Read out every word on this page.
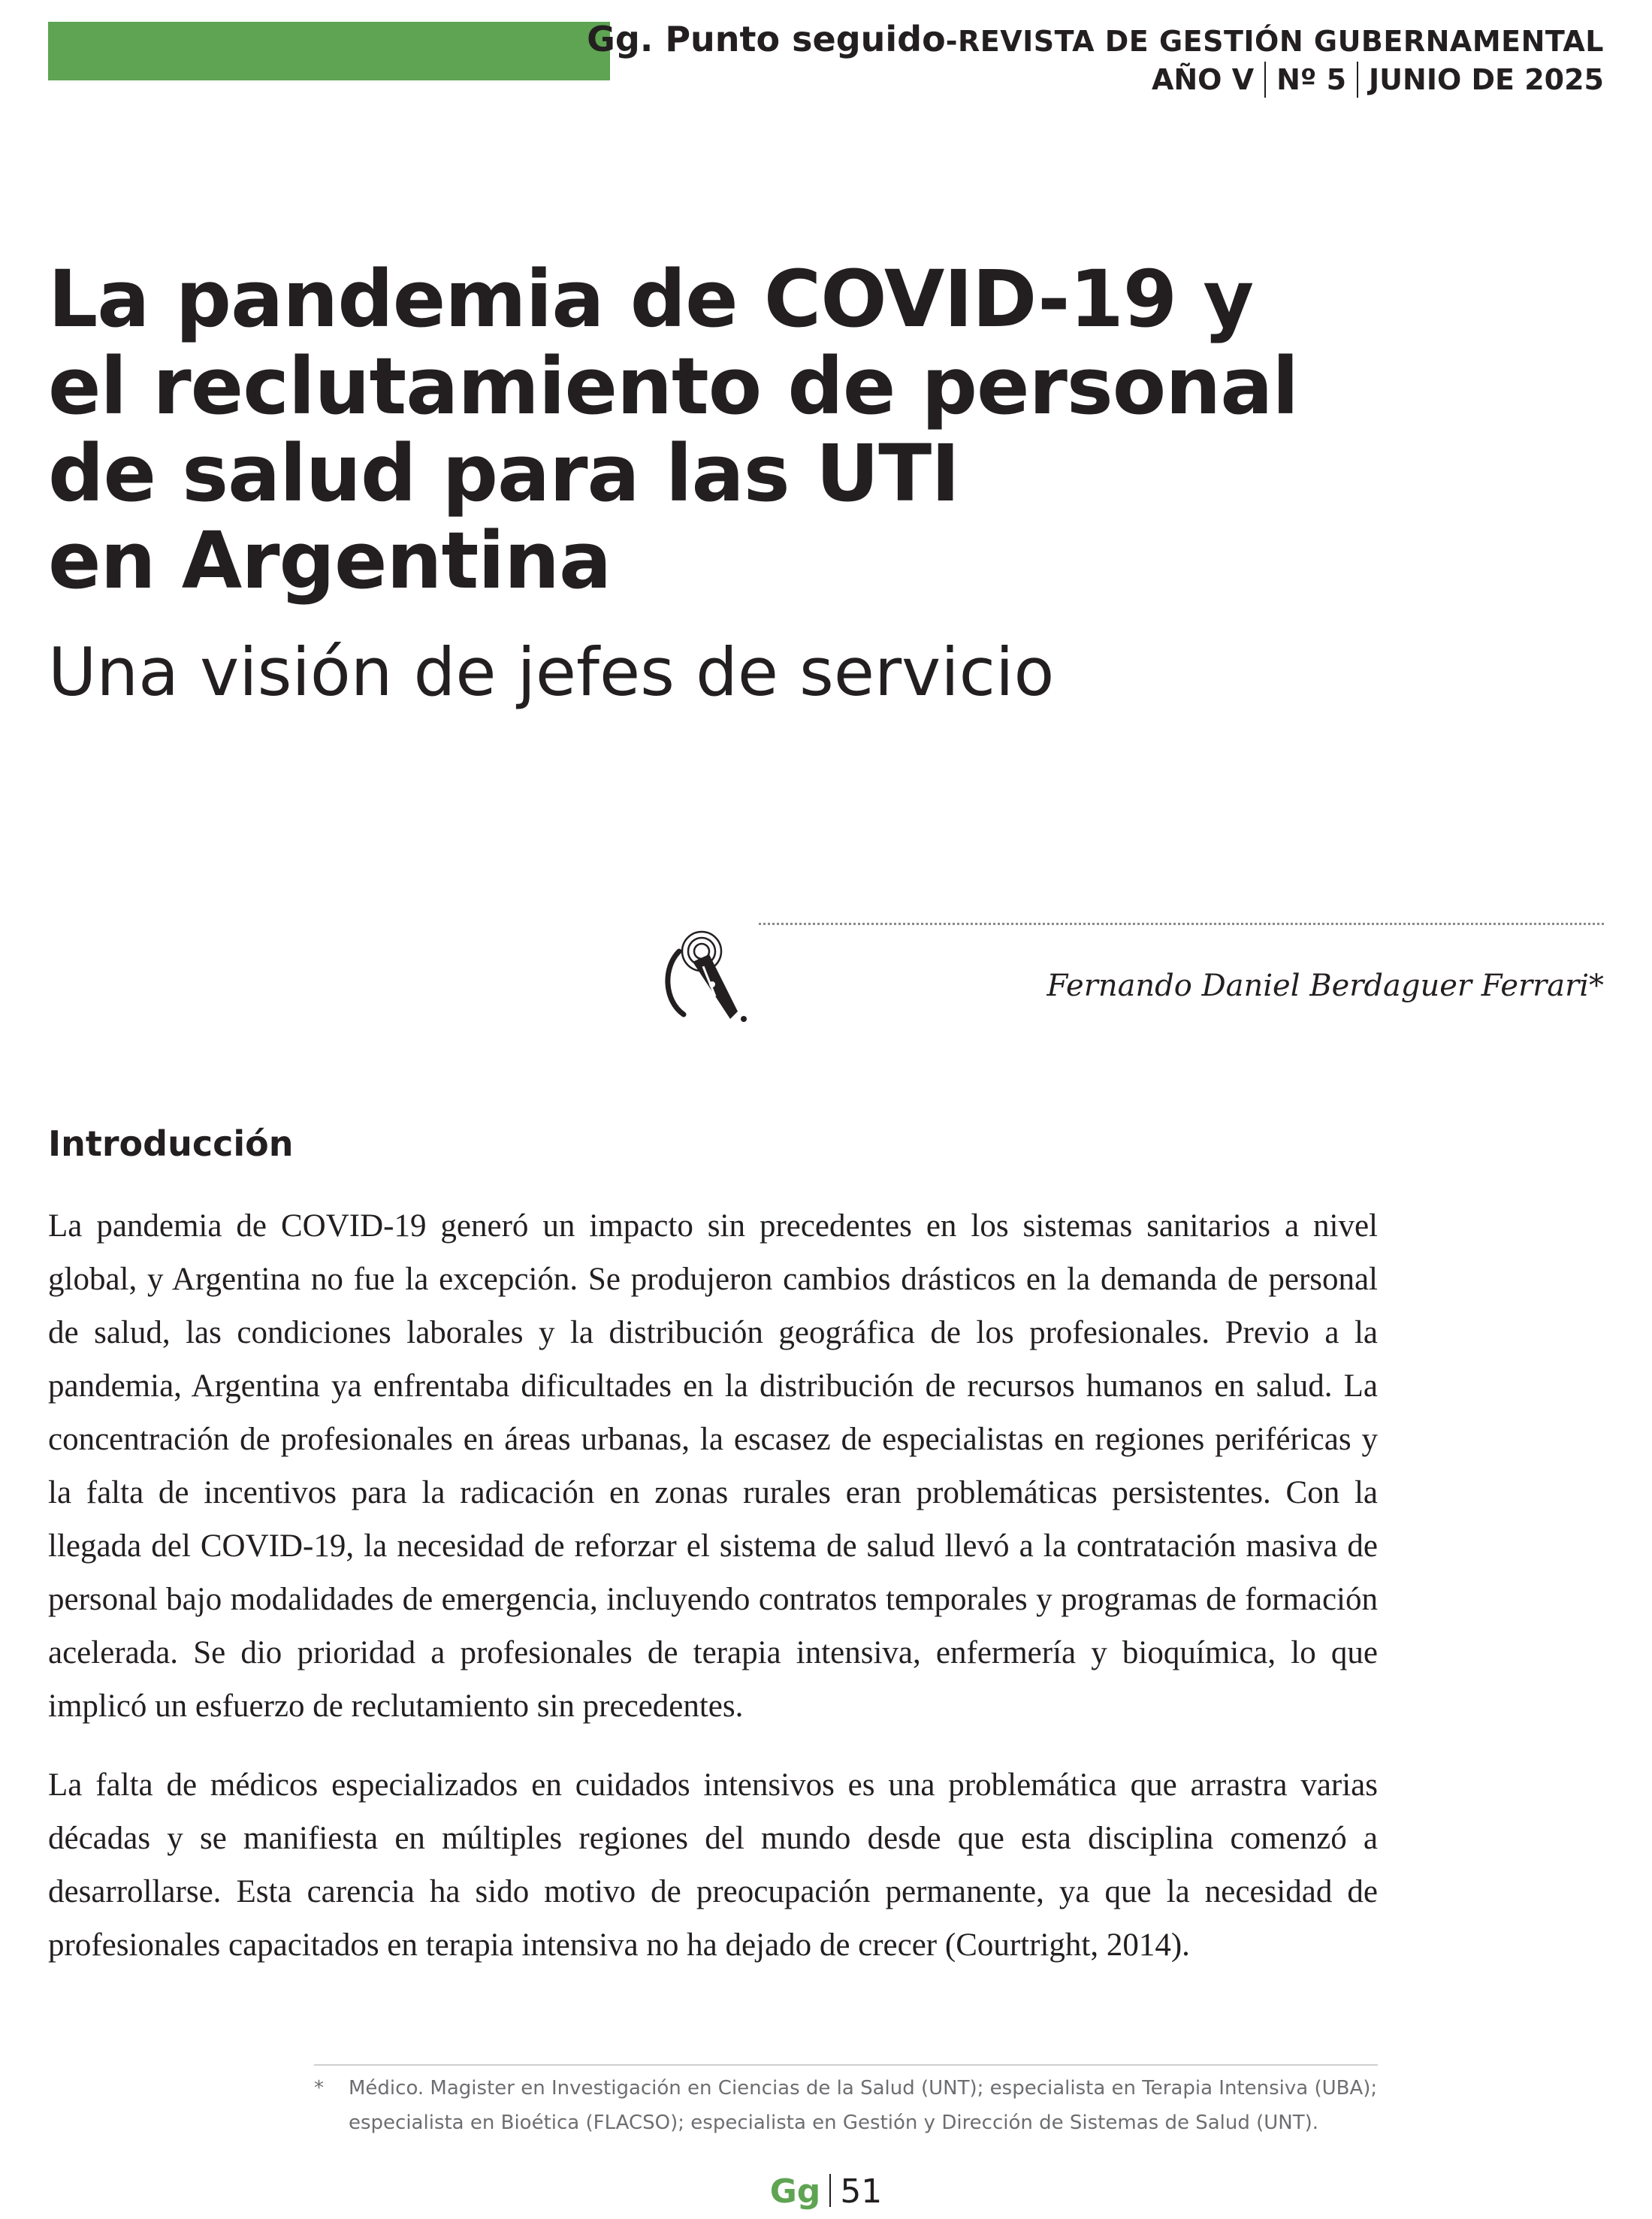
Gg. Punto seguido-REVISTA DE GESTIÓN GUBERNAMENTAL
AÑO V Nº 5 JUNIO DE 2025
La pandemia de COVID-19 y
el reclutamiento de personal
de salud para las UTI
en Argentina
Una visión de jefes de servicio
Fernando Daniel Berdaguer Ferrari*
Introducción

La pandemia de COVID-19 generó un impacto sin precedentes en los sistemas sanitarios a nivel global, y Argentina no fue la excepción. Se produjeron cambios drásticos en la demanda de personal de salud, las condiciones laborales y la distribución geográfica de los profesionales. Previo a la pandemia, Argentina ya enfrentaba dificultades en la distribución de recursos humanos en salud. La concentración de profesionales en áreas urbanas, la escasez de especialistas en regiones periféricas y la falta de incentivos para la radicación en zonas rurales eran problemáticas persistentes. Con la llegada del COVID-19, la necesidad de reforzar el sistema de salud llevó a la contratación masiva de personal bajo modalidades de emergencia, incluyendo contratos temporales y programas de formación acelerada. Se dio prioridad a profesionales de terapia intensiva, enfermería y bioquímica, lo que implicó un esfuerzo de reclutamiento sin precedentes.

La falta de médicos especializados en cuidados intensivos es una problemática que arrastra varias décadas y se manifiesta en múltiples regiones del mundo desde que esta disciplina comenzó a desarrollarse. Esta carencia ha sido motivo de preocupación permanente, ya que la necesidad de profesionales capacitados en terapia intensiva no ha dejado de crecer (Courtright, 2014).

* Médico. Magister en Investigación en Ciencias de la Salud (UNT); especialista en Terapia Intensiva (UBA); especialista en Bioética (FLACSO); especialista en Gestión y Dirección de Sistemas de Salud (UNT).

Gg 51
